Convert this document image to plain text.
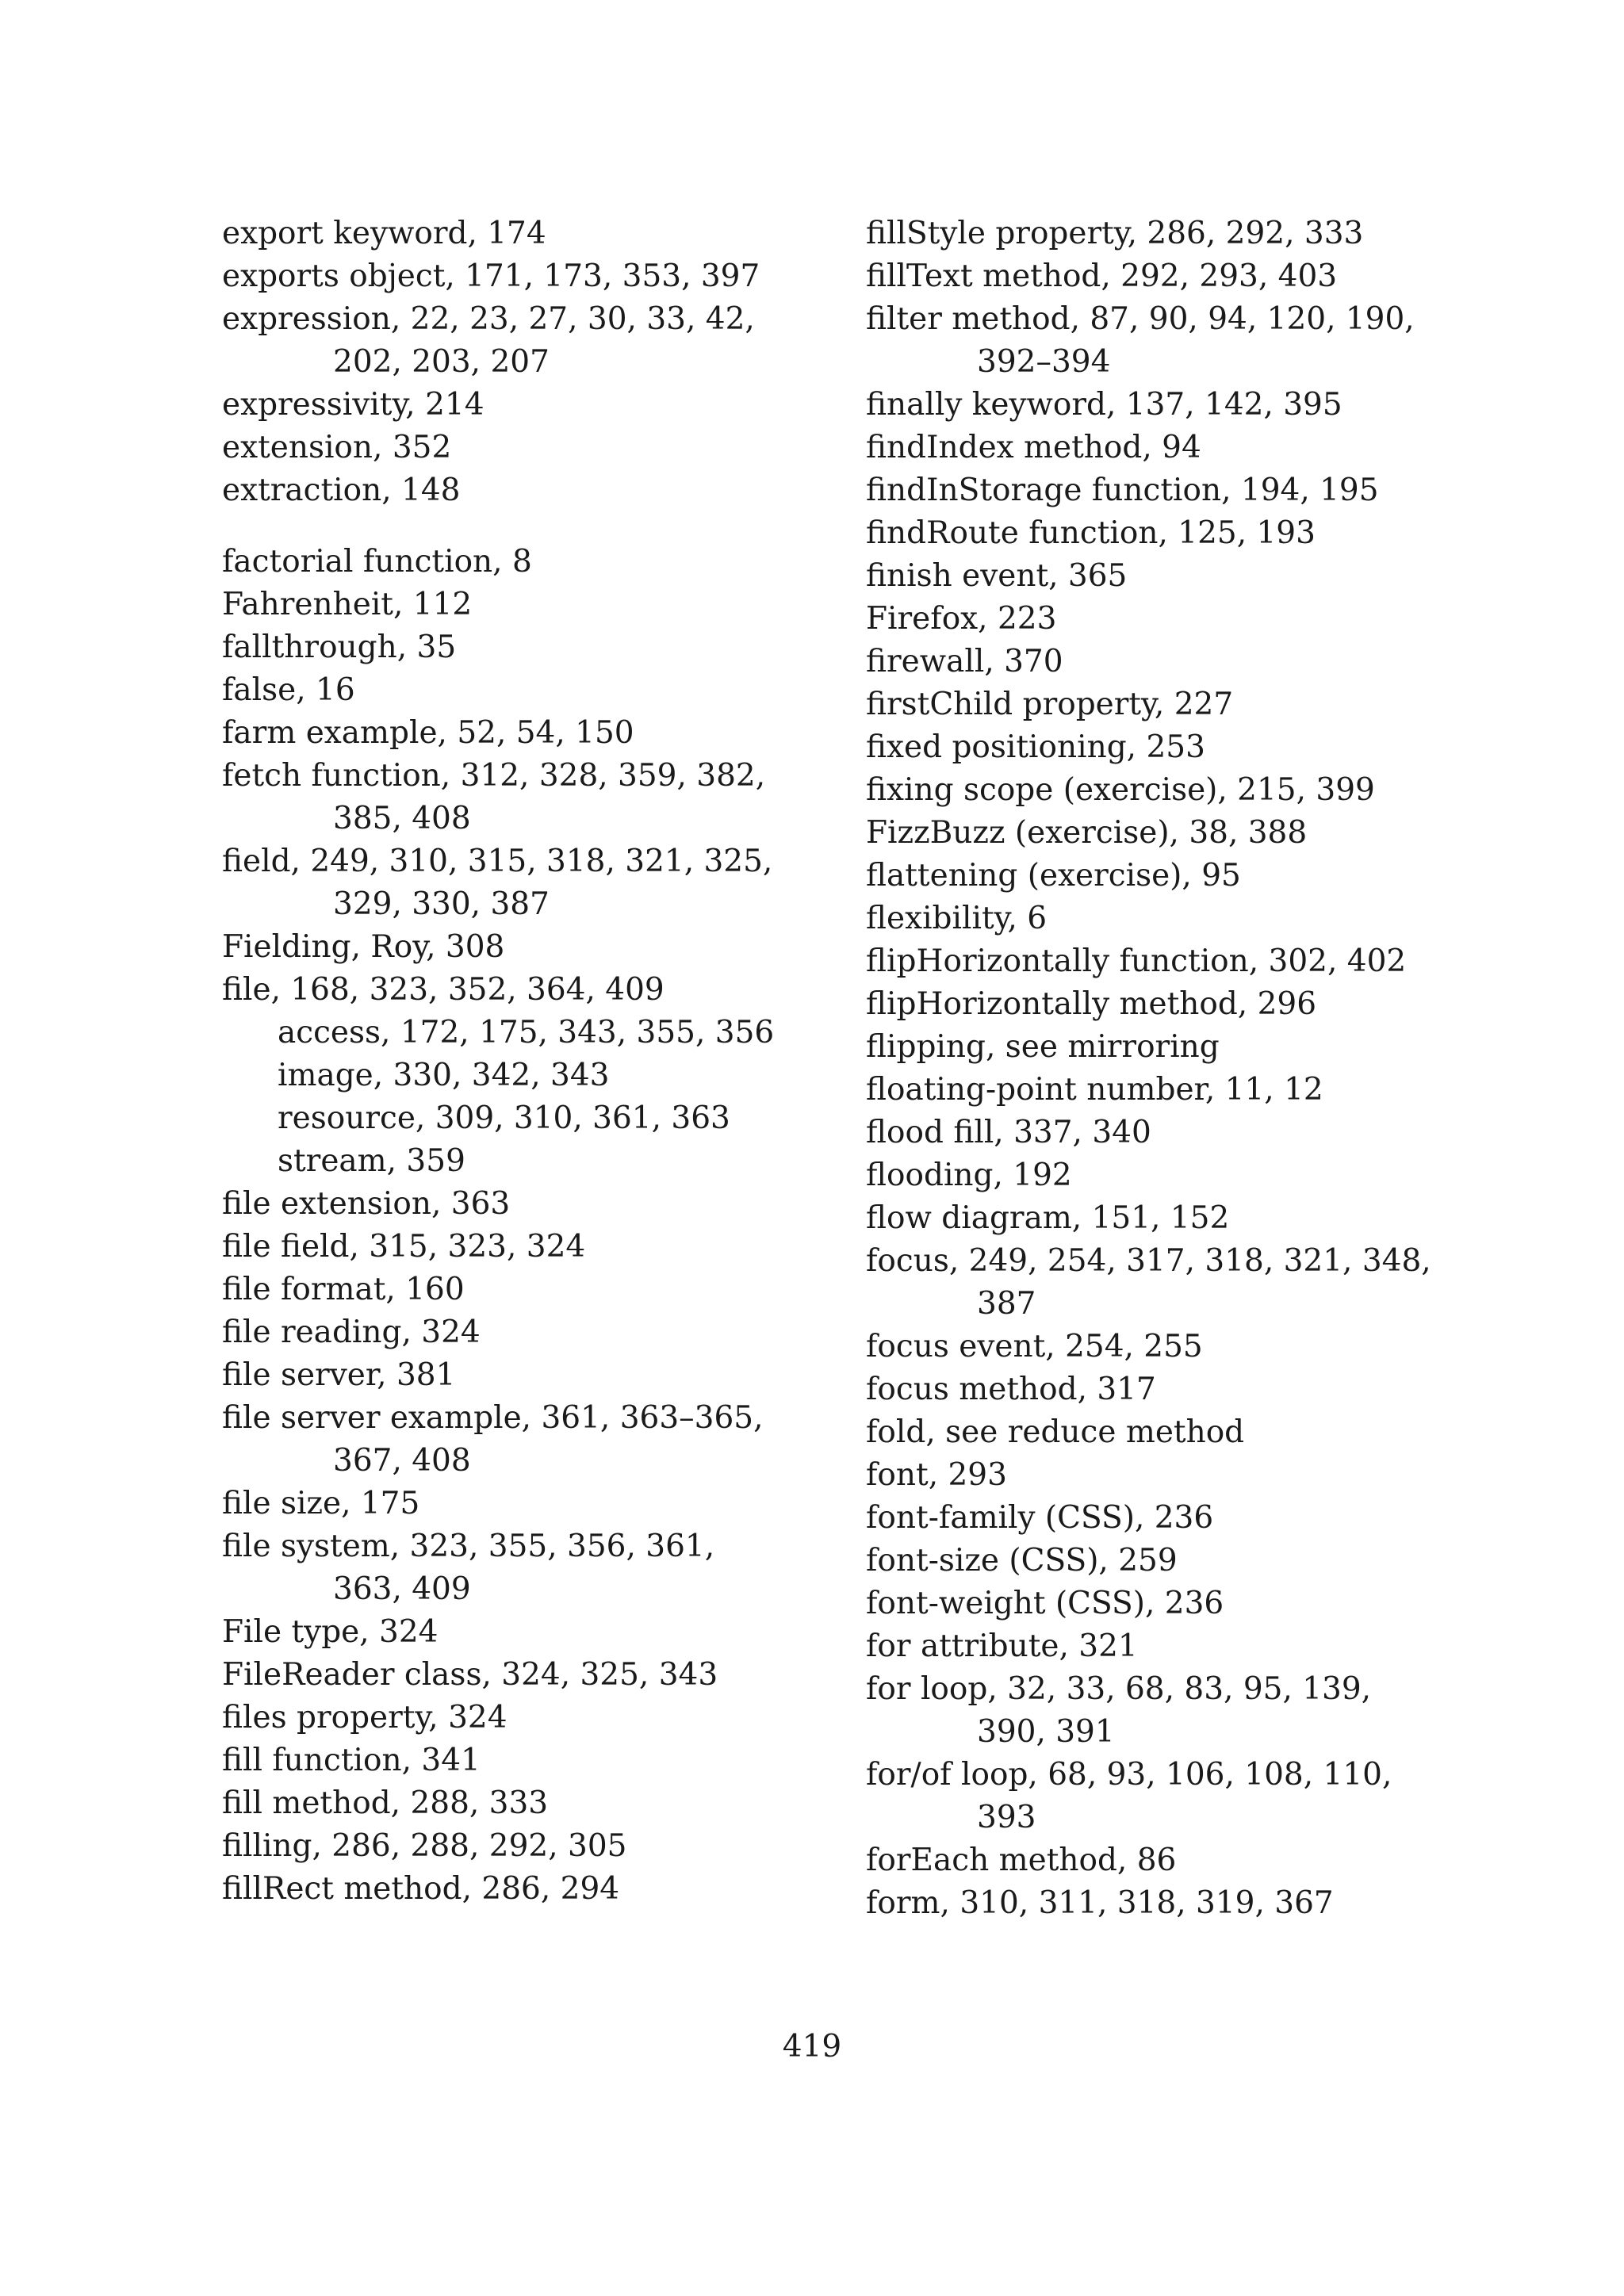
export keyword, 174
exports object, 171, 173, 353, 397
expression, 22, 23, 27, 30, 33, 42, 202, 203, 207
expressivity, 214
extension, 352
extraction, 148
factorial function, 8
Fahrenheit, 112
fallthrough, 35
false, 16
farm example, 52, 54, 150
fetch function, 312, 328, 359, 382, 385, 408
field, 249, 310, 315, 318, 321, 325, 329, 330, 387
Fielding, Roy, 308
file, 168, 323, 352, 364, 409
access, 172, 175, 343, 355, 356
image, 330, 342, 343
resource, 309, 310, 361, 363
stream, 359
file extension, 363
file field, 315, 323, 324
file format, 160
file reading, 324
file server, 381
file server example, 361, 363–365, 367, 408
file size, 175
file system, 323, 355, 356, 361, 363, 409
File type, 324
FileReader class, 324, 325, 343
files property, 324
fill function, 341
fill method, 288, 333
filling, 286, 288, 292, 305
fillRect method, 286, 294
fillStyle property, 286, 292, 333
fillText method, 292, 293, 403
filter method, 87, 90, 94, 120, 190, 392–394
finally keyword, 137, 142, 395
findIndex method, 94
findInStorage function, 194, 195
findRoute function, 125, 193
finish event, 365
Firefox, 223
firewall, 370
firstChild property, 227
fixed positioning, 253
fixing scope (exercise), 215, 399
FizzBuzz (exercise), 38, 388
flattening (exercise), 95
flexibility, 6
flipHorizontally function, 302, 402
flipHorizontally method, 296
flipping, see mirroring
floating-point number, 11, 12
flood fill, 337, 340
flooding, 192
flow diagram, 151, 152
focus, 249, 254, 317, 318, 321, 348, 387
focus event, 254, 255
focus method, 317
fold, see reduce method
font, 293
font-family (CSS), 236
font-size (CSS), 259
font-weight (CSS), 236
for attribute, 321
for loop, 32, 33, 68, 83, 95, 139, 390, 391
for/of loop, 68, 93, 106, 108, 110, 393
forEach method, 86
form, 310, 311, 318, 319, 367
419
